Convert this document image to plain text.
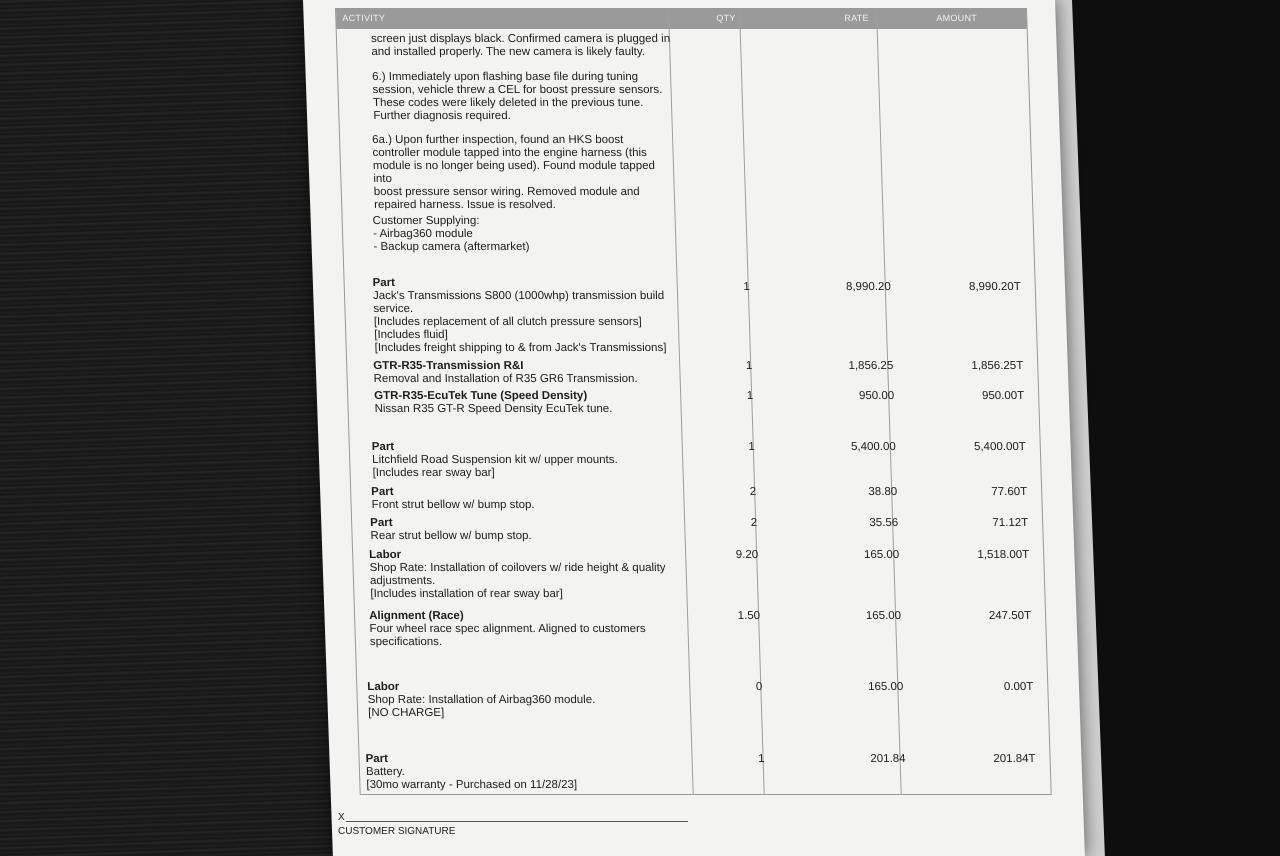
ACTIVITY	QTY	RATE	AMOUNT
screen just displays black. Confirmed camera is plugged in
and installed properly. The new camera is likely faulty.
6.) Immediately upon flashing base file during tuning
session, vehicle threw a CEL for boost pressure sensors.
These codes were likely deleted in the previous tune.
Further diagnosis required.
6a.) Upon further inspection, found an HKS boost
controller module tapped into the engine harness (this
module is no longer being used). Found module tapped into
boost pressure sensor wiring. Removed module and
repaired harness. Issue is resolved.
Customer Supplying:
- Airbag360 module
- Backup camera (aftermarket)
Part
Jack's Transmissions S800 (1000whp) transmission build
service.
[Includes replacement of all clutch pressure sensors]
[Includes fluid]
[Includes freight shipping to & from Jack's Transmissions]
1	8,990.20	8,990.20T
GTR-R35-Transmission R&I
Removal and Installation of R35 GR6 Transmission.
1	1,856.25	1,856.25T
GTR-R35-EcuTek Tune (Speed Density)
Nissan R35 GT-R Speed Density EcuTek tune.
1	950.00	950.00T
Part
Litchfield Road Suspension kit w/ upper mounts.
[Includes rear sway bar]
1	5,400.00	5,400.00T
Part
Front strut bellow w/ bump stop.
2	38.80	77.60T
Part
Rear strut bellow w/ bump stop.
2	35.56	71.12T
Labor
Shop Rate: Installation of coilovers w/ ride height & quality
adjustments.
[Includes installation of rear sway bar]
9.20	165.00	1,518.00T
Alignment (Race)
Four wheel race spec alignment. Aligned to customers
specifications.
1.50	165.00	247.50T
Labor
Shop Rate: Installation of Airbag360 module.
[NO CHARGE]
0	165.00	0.00T
Part
Battery.
[30mo warranty - Purchased on 11/28/23]
1	201.84	201.84T
X
CUSTOMER SIGNATURE
